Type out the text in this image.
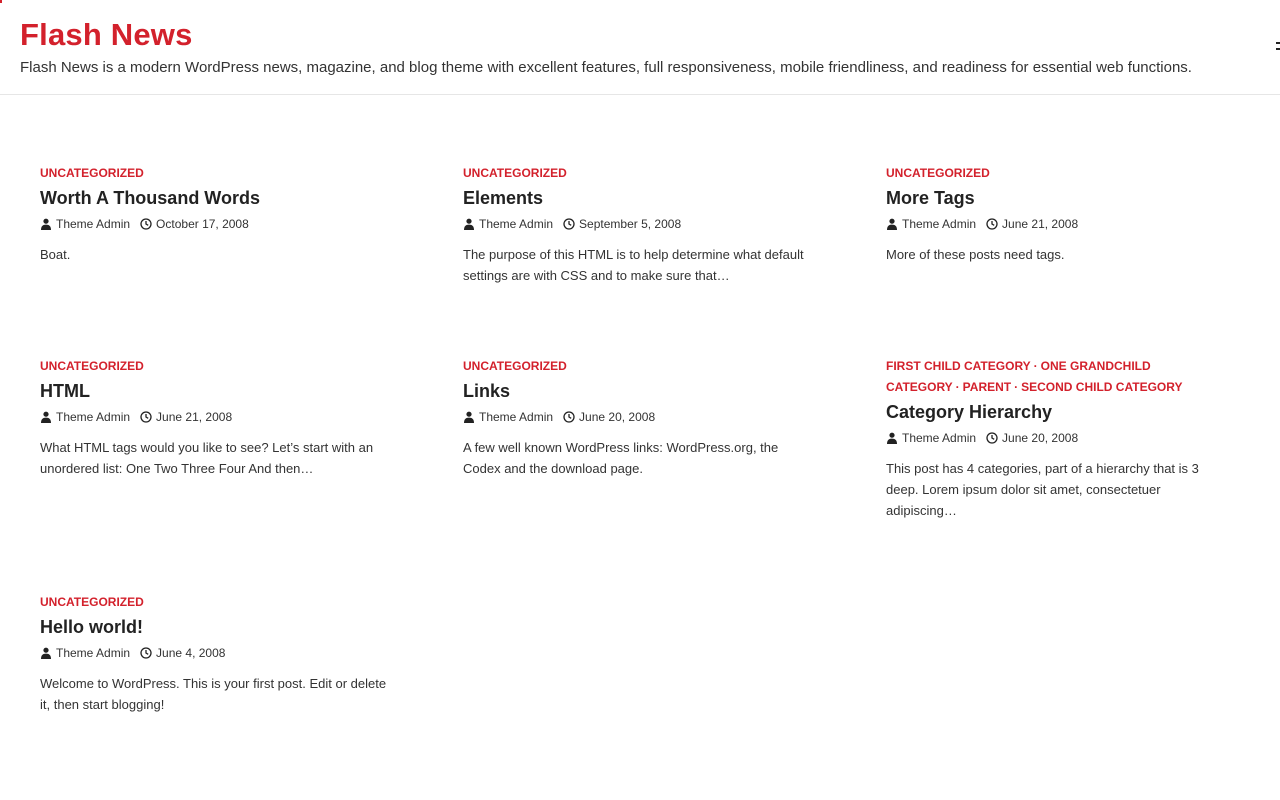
Flash News

Flash News is a modern WordPress news, magazine, and blog theme with excellent features, full responsiveness, mobile friendliness, and readiness for essential web functions.

UNCATEGORIZED

Worth A Thousand Words
Theme Admin October 17, 2008

Boat.

UNCATEGORIZED

Elements
Theme Admin September 5, 2008

The purpose of this HTML is to help determine what default settings are with CSS and to make sure that…

UNCATEGORIZED

More Tags
Theme Admin June 21, 2008

More of these posts need tags.

UNCATEGORIZED

HTML
Theme Admin June 21, 2008

What HTML tags would you like to see? Let’s start with an unordered list: One Two Three Four And then…

UNCATEGORIZED

Links
Theme Admin June 20, 2008

A few well known WordPress links: WordPress.org, the Codex and the download page.

FIRST CHILD CATEGORY · ONE GRANDCHILD CATEGORY · PARENT · SECOND CHILD CATEGORY

Category Hierarchy
Theme Admin June 20, 2008

This post has 4 categories, part of a hierarchy that is 3 deep. Lorem ipsum dolor sit amet, consectetuer adipiscing…

UNCATEGORIZED

Hello world!
Theme Admin June 4, 2008

Welcome to WordPress. This is your first post. Edit or delete it, then start blogging!
